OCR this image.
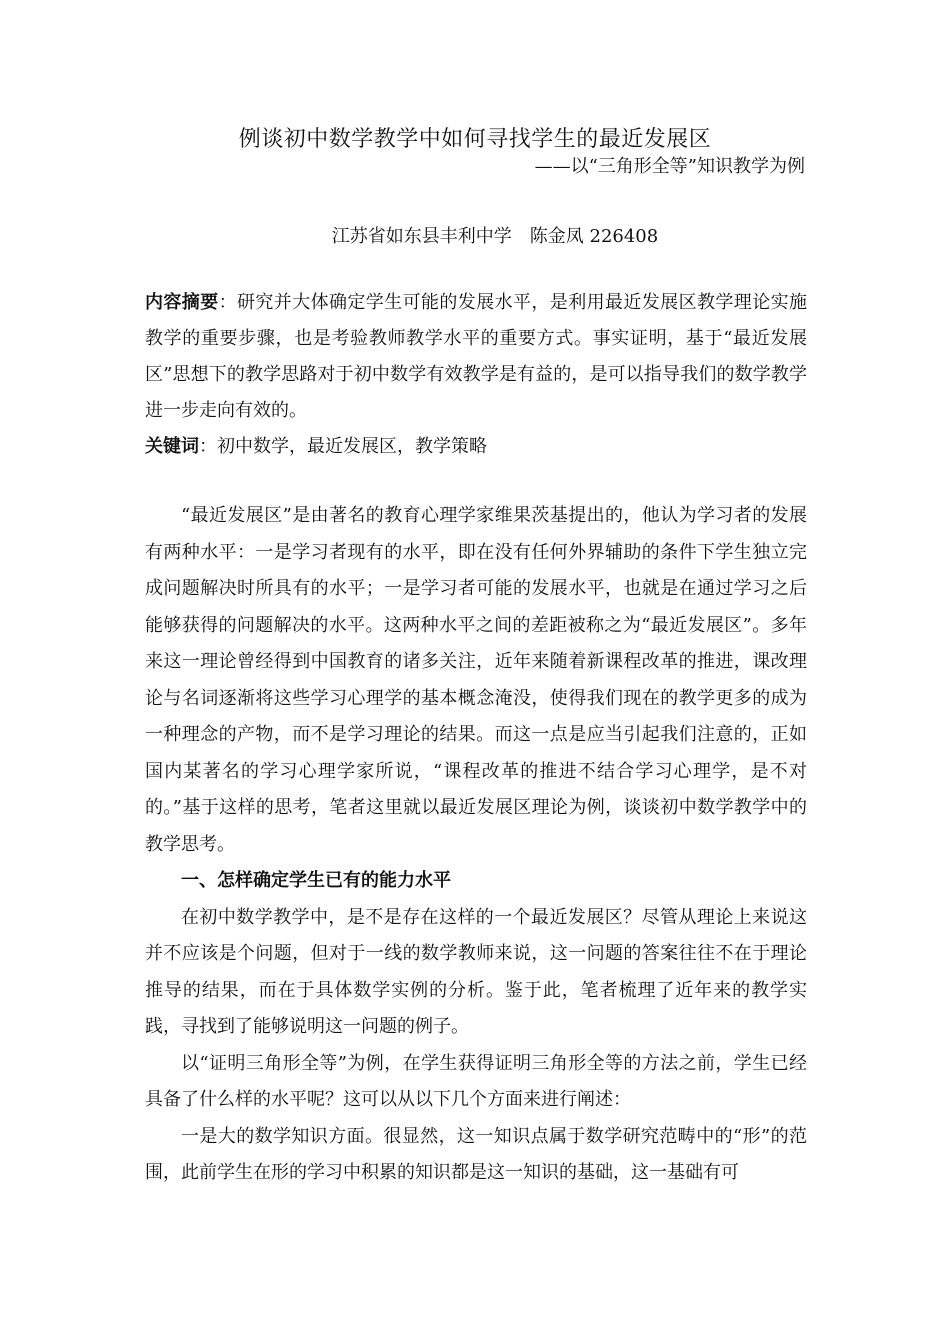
例谈初中数学教学中如何寻找学生的最近发展区
——以“三角形全等”知识教学为例
江苏省如东县丰利中学　陈金凤 226408
内容摘要：研究并大体确定学生可能的发展水平，是利用最近发展区教学理论实施教学的重要步骤，也是考验教师教学水平的重要方式。事实证明，基于“最近发展区”思想下的教学思路对于初中数学有效教学是有益的，是可以指导我们的数学教学进一步走向有效的。
关键词：初中数学，最近发展区，教学策略

“最近发展区”是由著名的教育心理学家维果茨基提出的，他认为学习者的发展有两种水平：一是学习者现有的水平，即在没有任何外界辅助的条件下学生独立完成问题解决时所具有的水平；一是学习者可能的发展水平，也就是在通过学习之后能够获得的问题解决的水平。这两种水平之间的差距被称之为“最近发展区”。多年来这一理论曾经得到中国教育的诸多关注，近年来随着新课程改革的推进，课改理论与名词逐渐将这些学习心理学的基本概念淹没，使得我们现在的教学更多的成为一种理念的产物，而不是学习理论的结果。而这一点是应当引起我们注意的，正如国内某著名的学习心理学家所说，“课程改革的推进不结合学习心理学，是不对的。”基于这样的思考，笔者这里就以最近发展区理论为例，谈谈初中数学教学中的教学思考。

一、怎样确定学生已有的能力水平

在初中数学教学中，是不是存在这样的一个最近发展区？尽管从理论上来说这并不应该是个问题，但对于一线的数学教师来说，这一问题的答案往往不在于理论推导的结果，而在于具体数学实例的分析。鉴于此，笔者梳理了近年来的教学实践，寻找到了能够说明这一问题的例子。

以“证明三角形全等”为例，在学生获得证明三角形全等的方法之前，学生已经具备了什么样的水平呢？这可以从以下几个方面来进行阐述：

一是大的数学知识方面。很显然，这一知识点属于数学研究范畴中的“形”的范围，此前学生在形的学习中积累的知识都是这一知识的基础，这一基础有可
